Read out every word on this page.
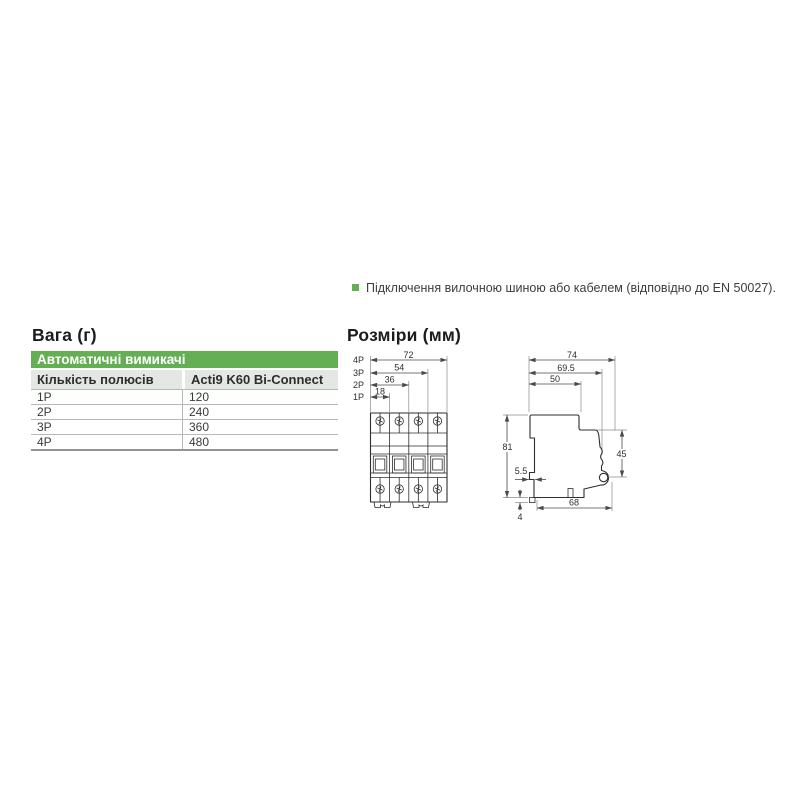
Підключення вилочною шиною або кабелем (відповідно до EN 50027).
Вага (г)	Розміри (мм)
Автоматичні вимикачі
Кількість полюсів	Acti9 K60 Bi-Connect
1P	120
2P	240
3P	360
4P	480
4P
3P
2P
1P
72
54
36
18
74
69.5
50
81
5.5
45
68
4
